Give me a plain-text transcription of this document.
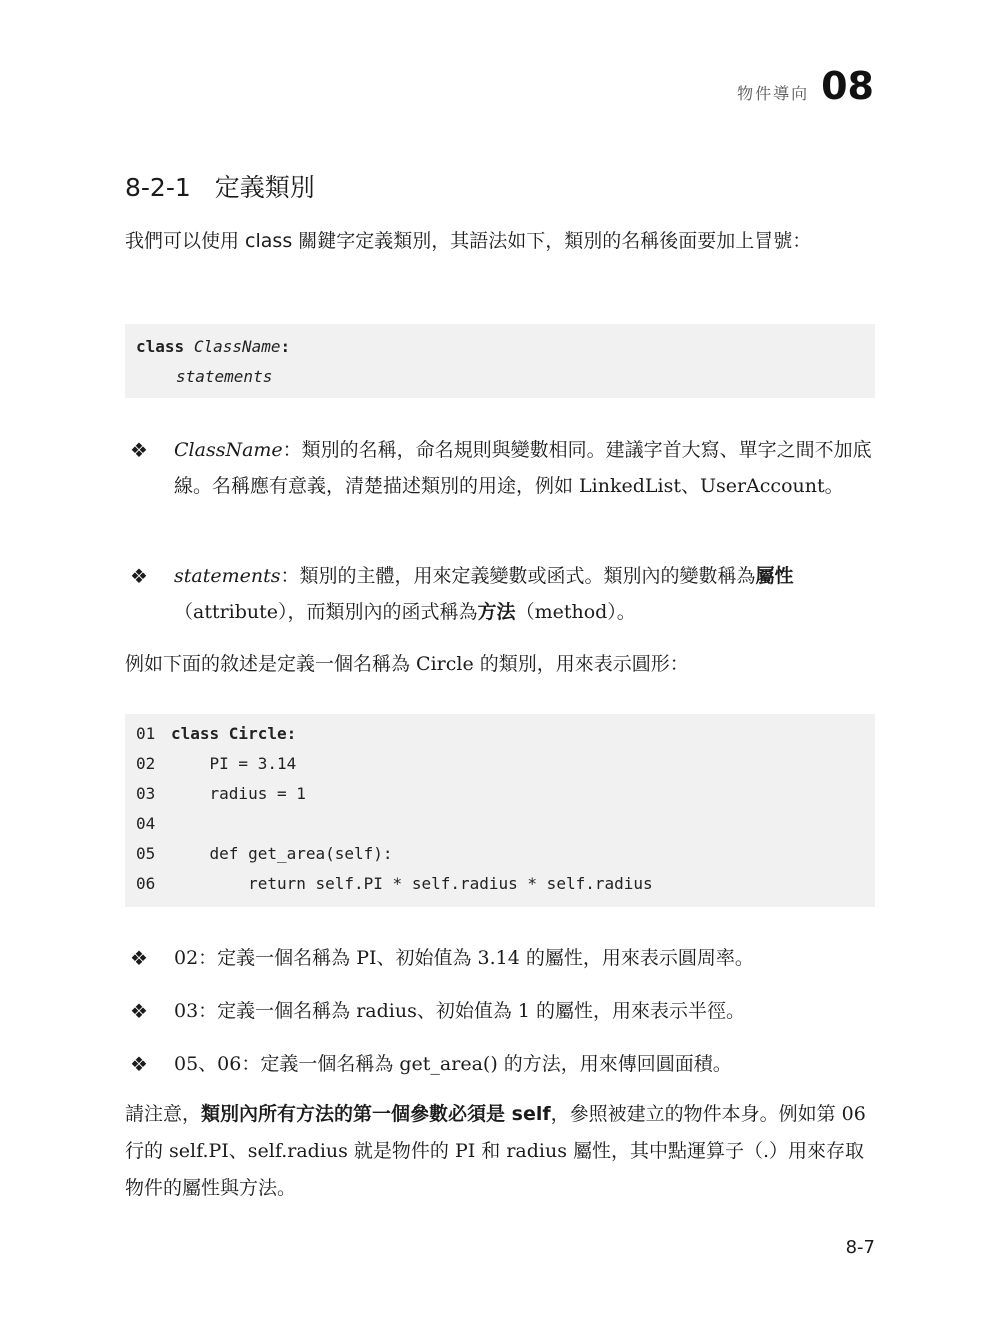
物件導向 08
8-2-1 定義類別
我們可以使用 class 關鍵字定義類別，其語法如下，類別的名稱後面要加上冒號：
class ClassName:
statements
❖ ClassName：類別的名稱，命名規則與變數相同。建議字首大寫、單字之間不加底線。名稱應有意義，清楚描述類別的用途，例如 LinkedList、UserAccount。
❖ statements：類別的主體，用來定義變數或函式。類別內的變數稱為屬性（attribute），而類別內的函式稱為方法（method）。
例如下面的敘述是定義一個名稱為 Circle 的類別，用來表示圓形：
01 class Circle:
02    PI = 3.14
03    radius = 1
04
05    def get_area(self):
06        return self.PI * self.radius * self.radius
❖ 02：定義一個名稱為 PI、初始值為 3.14 的屬性，用來表示圓周率。
❖ 03：定義一個名稱為 radius、初始值為 1 的屬性，用來表示半徑。
❖ 05、06：定義一個名稱為 get_area() 的方法，用來傳回圓面積。
請注意，類別內所有方法的第一個參數必須是 self，參照被建立的物件本身。例如第 06 行的 self.PI、self.radius 就是物件的 PI 和 radius 屬性，其中點運算子（.）用來存取物件的屬性與方法。
8-7
